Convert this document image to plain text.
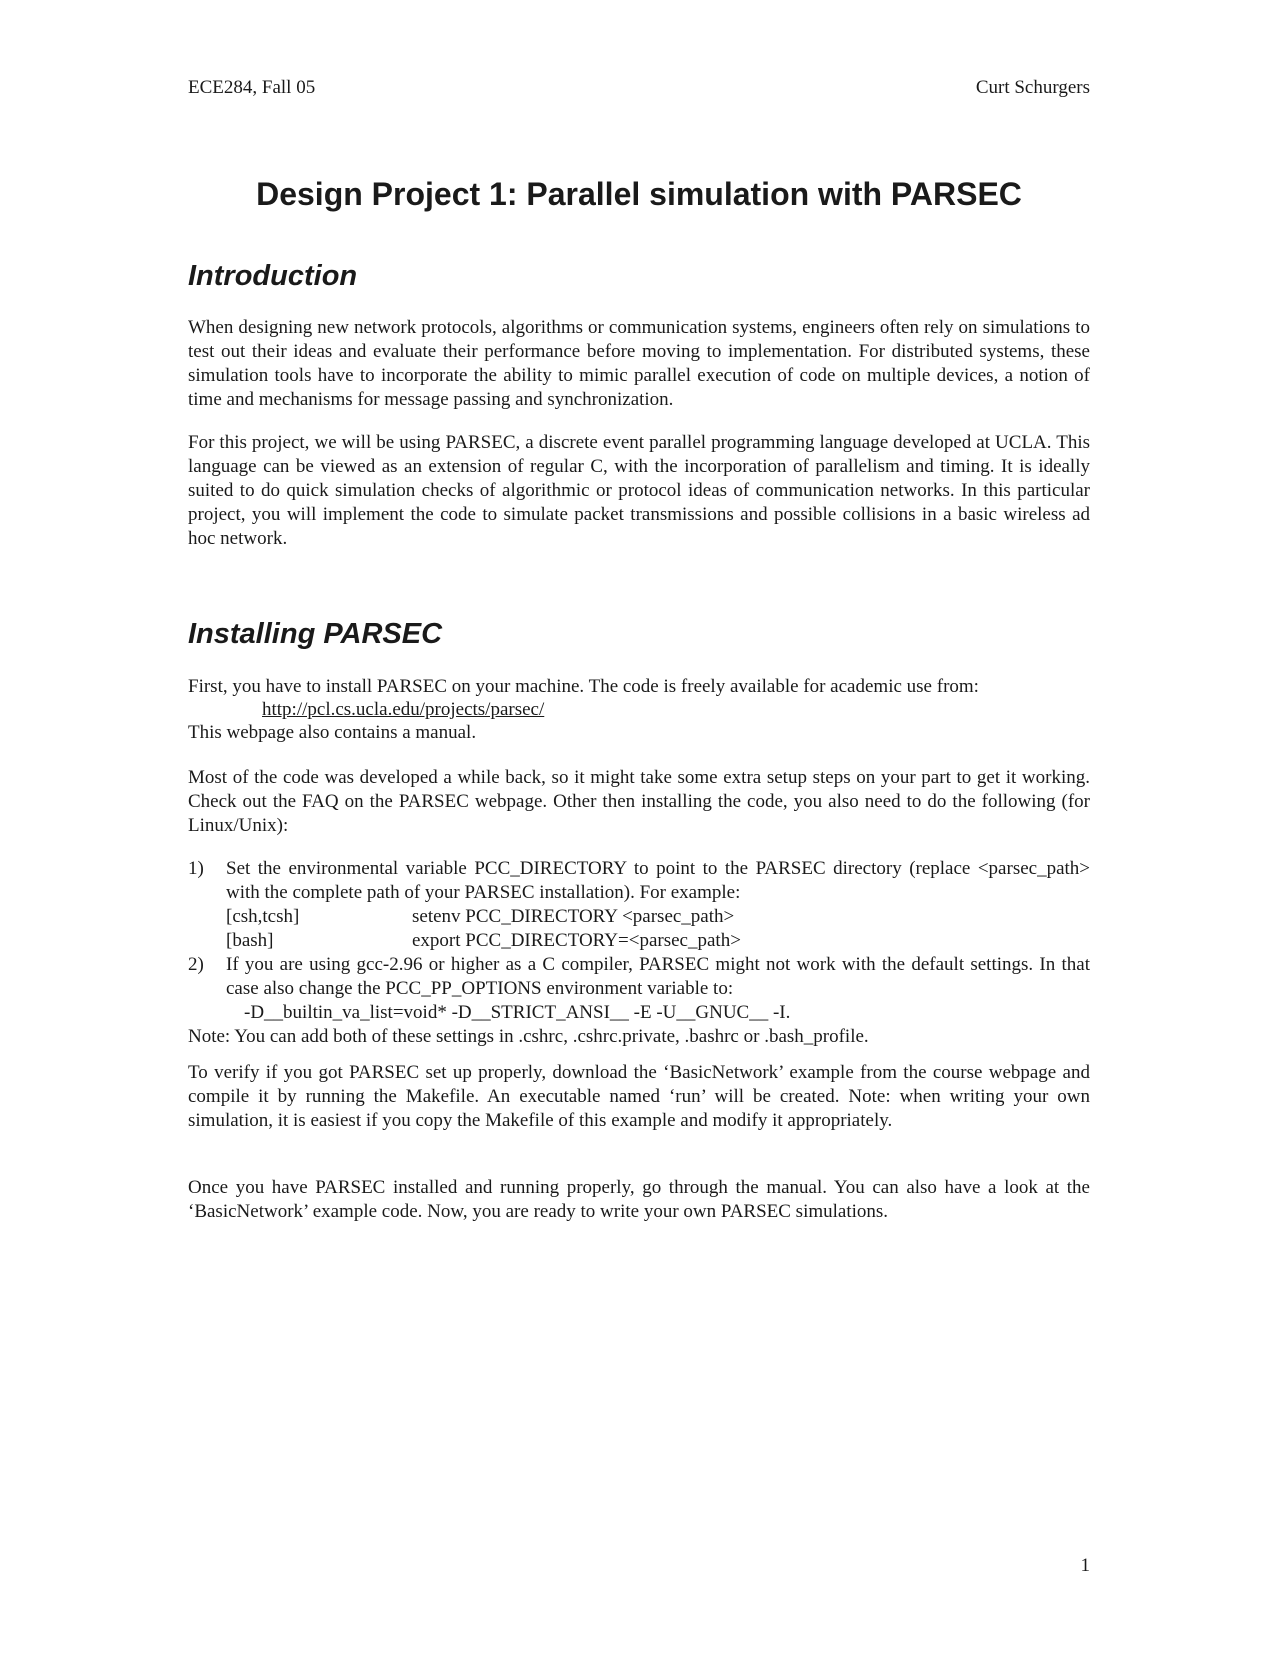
ECE284, Fall 05	Curt Schurgers
Design Project 1: Parallel simulation with PARSEC
Introduction

When designing new network protocols, algorithms or communication systems, engineers often rely on simulations to test out their ideas and evaluate their performance before moving to implementation. For distributed systems, these simulation tools have to incorporate the ability to mimic parallel execution of code on multiple devices, a notion of time and mechanisms for message passing and synchronization.

For this project, we will be using PARSEC, a discrete event parallel programming language developed at UCLA. This language can be viewed as an extension of regular C, with the incorporation of parallelism and timing. It is ideally suited to do quick simulation checks of algorithmic or protocol ideas of communication networks. In this particular project, you will implement the code to simulate packet transmissions and possible collisions in a basic wireless ad hoc network.

Installing PARSEC
First, you have to install PARSEC on your machine. The code is freely available for academic use from:
http://pcl.cs.ucla.edu/projects/parsec/
This webpage also contains a manual.

Most of the code was developed a while back, so it might take some extra setup steps on your part to get it working. Check out the FAQ on the PARSEC webpage. Other then installing the code, you also need to do the following (for Linux/Unix):

1) Set the environmental variable PCC_DIRECTORY to point to the PARSEC directory (replace <parsec_path> with the complete path of your PARSEC installation). For example:
[csh,tcsh]	setenv PCC_DIRECTORY <parsec_path>
[bash]	export PCC_DIRECTORY=<parsec_path>
2) If you are using gcc-2.96 or higher as a C compiler, PARSEC might not work with the default settings. In that case also change the PCC_PP_OPTIONS environment variable to:
-D__builtin_va_list=void* -D__STRICT_ANSI__ -E -U__GNUC__ -I.
Note: You can add both of these settings in .cshrc, .cshrc.private, .bashrc or .bash_profile.

To verify if you got PARSEC set up properly, download the ‘BasicNetwork’ example from the course webpage and compile it by running the Makefile. An executable named ‘run’ will be created. Note: when writing your own simulation, it is easiest if you copy the Makefile of this example and modify it appropriately.

Once you have PARSEC installed and running properly, go through the manual. You can also have a look at the ‘BasicNetwork’ example code. Now, you are ready to write your own PARSEC simulations.

1
